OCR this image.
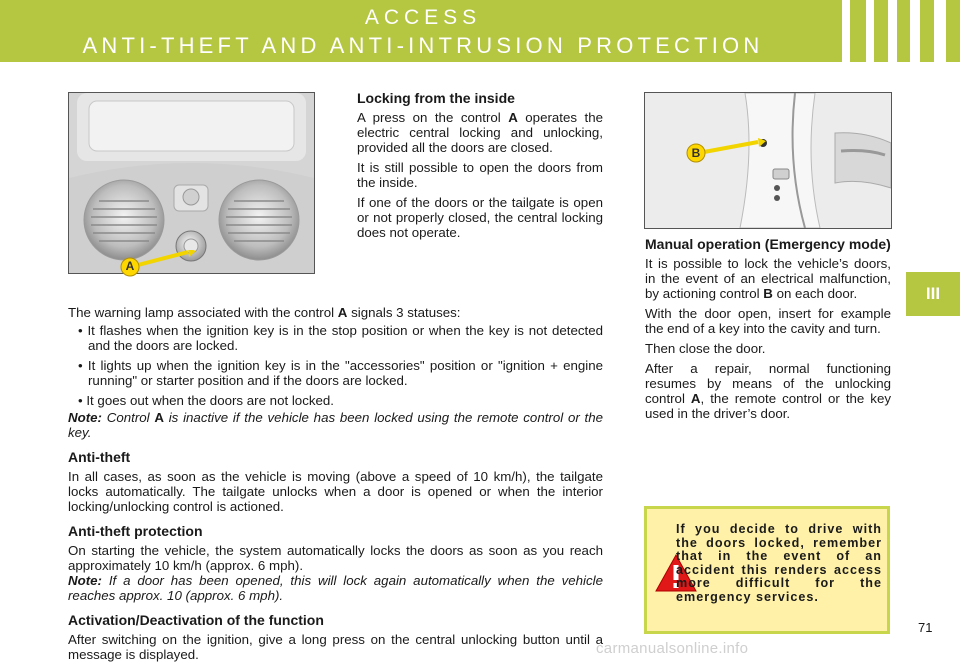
ACCESS
ANTI-THEFT AND ANTI-INTRUSION PROTECTION
III
A
B
Locking from the inside

A press on the control A operates the electric central locking and unlocking, provided all the doors are closed.

It is still possible to open the doors from the inside.

If one of the doors or the tailgate is open or not properly closed, the central locking does not operate.

The warning lamp associated with the control A signals 3 statuses:

• It flashes when the ignition key is in the stop position or when the key is not detected and the doors are locked.

• It lights up when the ignition key is in the "accessories" position or "ignition + engine running" or starter position and if the doors are locked.

• It goes out when the doors are not locked.

Note: Control A is inactive if the vehicle has been locked using the remote control or the key.

Anti-theft

In all cases, as soon as the vehicle is moving (above a speed of 10 km/h), the tailgate locks automatically. The tailgate unlocks when a door is opened or when the interior locking/unlocking control is actioned.

Anti-theft protection

On starting the vehicle, the system automatically locks the doors as soon as you reach approximately 10 km/h (approx. 6 mph).

Note: If a door has been opened, this will lock again automatically when the vehicle reaches approx. 10 (approx. 6 mph).

Activation/Deactivation of the function

After switching on the ignition, give a long press on the central unlocking button until a message is displayed.

Manual operation (Emergency mode)

It is possible to lock the vehicle’s doors, in the event of an electrical malfunction, by actioning control B on each door.

With the door open, insert for example the end of a key into the cavity and turn.

Then close the door.

After a repair, normal functioning resumes by means of the unlocking control A, the remote control or the key used in the driver’s door.

If you decide to drive with the doors locked, remember that in the event of an accident this renders access more difficult for the emergency services.
71
carmanualsonline.info
